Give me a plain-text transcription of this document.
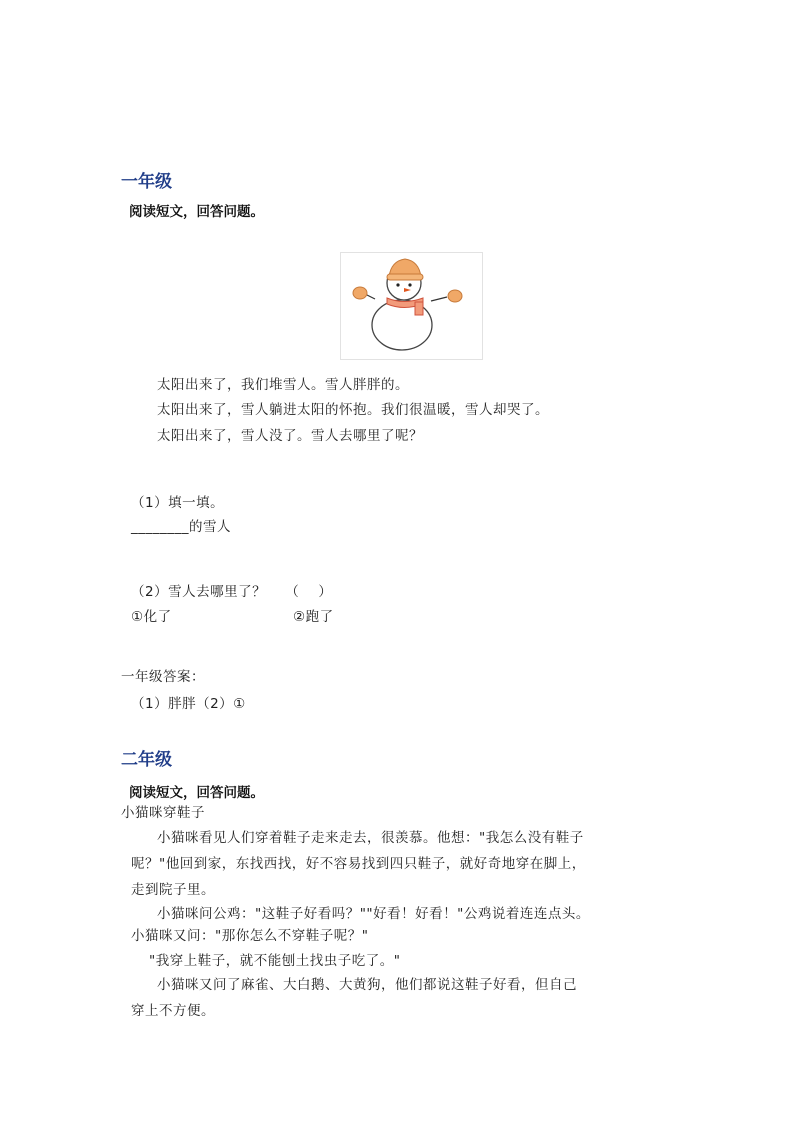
一年级
阅读短文，回答问题。
太阳出来了，我们堆雪人。雪人胖胖的。
太阳出来了，雪人躺进太阳的怀抱。我们很温暖，雪人却哭了。
太阳出来了，雪人没了。雪人去哪里了呢？
（1）填一填。
________的雪人
（2）雪人去哪里了？    （    ）
①化了	②跑了
一年级答案：
（1）胖胖（2）①
二年级
阅读短文，回答问题。
小猫咪穿鞋子
小猫咪看见人们穿着鞋子走来走去，很羡慕。他想："我怎么没有鞋子
呢？"他回到家，东找西找，好不容易找到四只鞋子，就好奇地穿在脚上，
走到院子里。
小猫咪问公鸡："这鞋子好看吗？""好看！好看！"公鸡说着连连点头。
小猫咪又问："那你怎么不穿鞋子呢？"
"我穿上鞋子，就不能刨土找虫子吃了。"
小猫咪又问了麻雀、大白鹅、大黄狗，他们都说这鞋子好看，但自己
穿上不方便。
